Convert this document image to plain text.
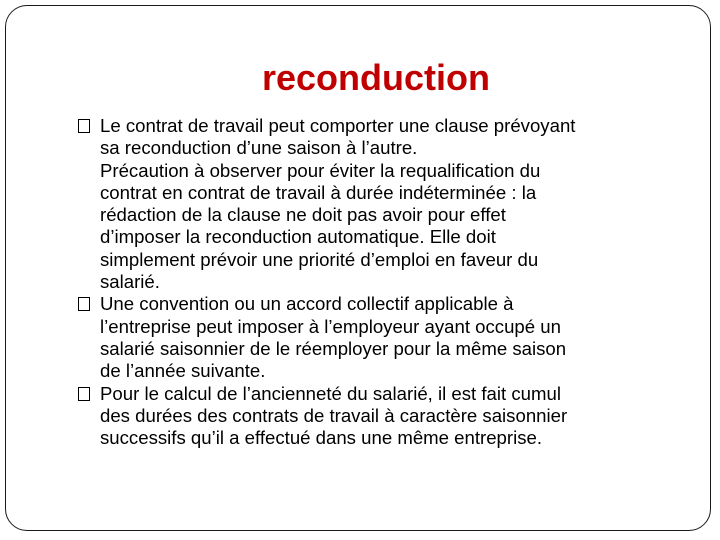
reconduction
Le contrat de travail peut comporter une clause prévoyant
sa reconduction d’une saison à l’autre.
Précaution à observer pour éviter la requalification du
contrat en contrat de travail à durée indéterminée : la
rédaction de la clause ne doit pas avoir pour effet
d’imposer la reconduction automatique. Elle doit
simplement prévoir une priorité d’emploi en faveur du
salarié.
Une convention ou un accord collectif applicable à
l’entreprise peut imposer à l’employeur ayant occupé un
salarié saisonnier de le réemployer pour la même saison
de l’année suivante.
Pour le calcul de l’ancienneté du salarié, il est fait cumul
des durées des contrats de travail à caractère saisonnier
successifs qu’il a effectué dans une même entreprise.
